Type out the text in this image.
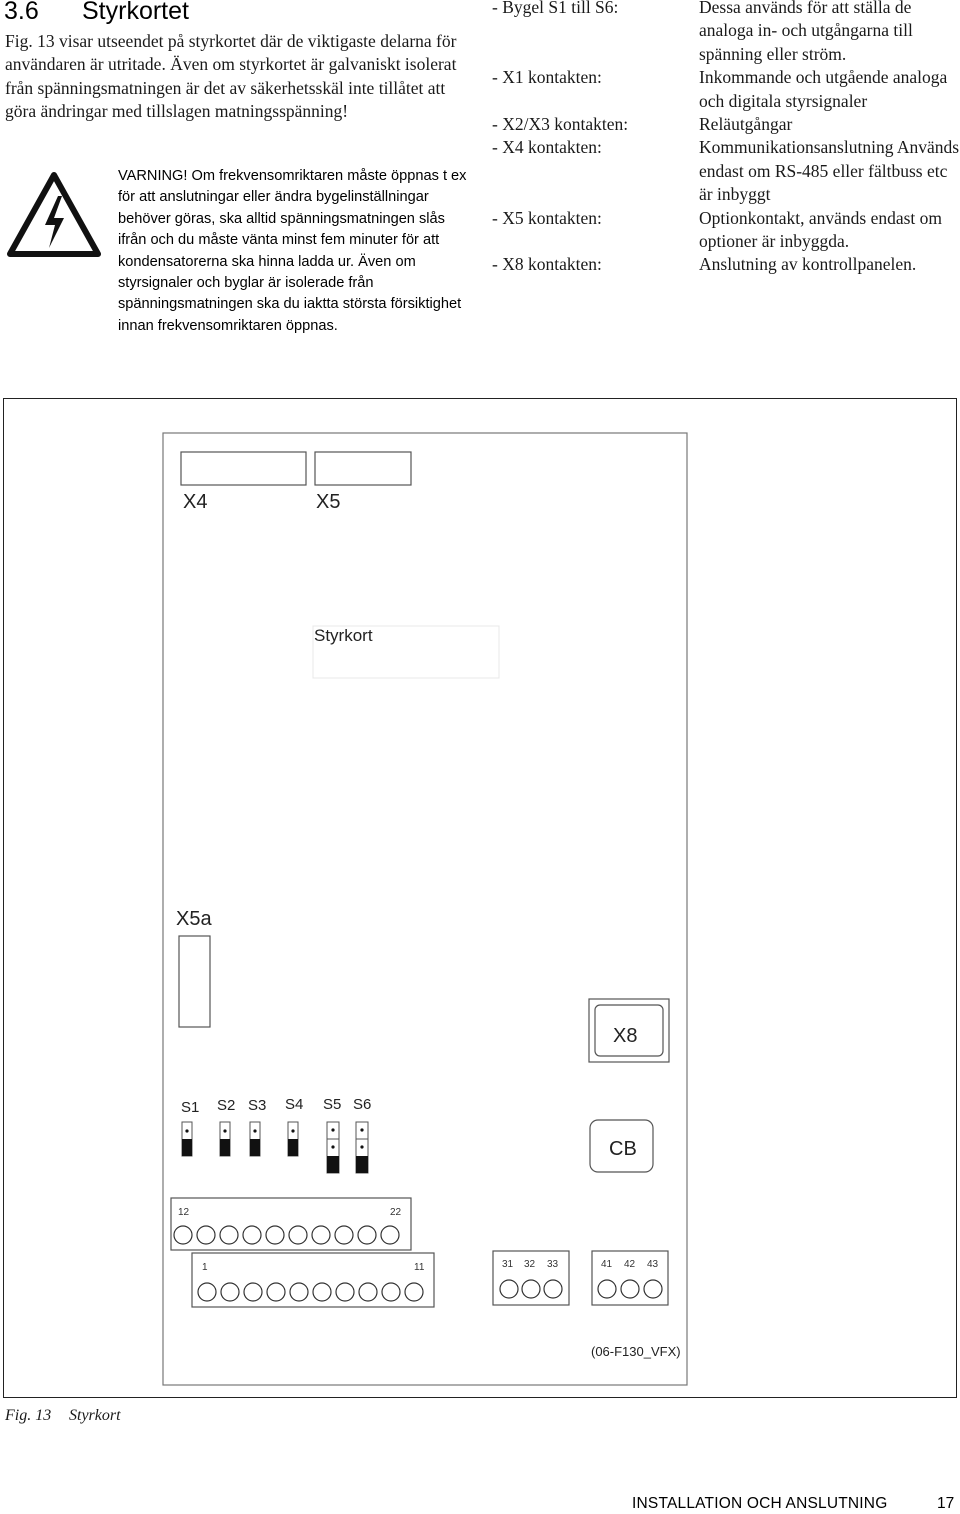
3.6 Styrkortet
Fig. 13 visar utseendet på styrkortet där de viktigaste delarna för användaren är utritade. Även om styrkortet är galvaniskt isolerat från spänningsmatningen är det av säkerhetsskäl inte tillåtet att göra ändringar med tillslagen matningsspänning!
VARNING! Om frekvensomriktaren måste öppnas t ex för att anslutningar eller ändra bygelinställningar behöver göras, ska alltid spänningsmatningen slås ifrån och du måste vänta minst fem minuter för att kondensatorerna ska hinna ladda ur. Även om styrsignaler och byglar är isolerade från spänningsmatningen ska du iaktta största försiktighet innan frekvensomriktaren öppnas.
- Bygel S1 till S6:	Dessa används för att ställa de analoga in- och utgångarna till spänning eller ström.
- X1 kontakten:	Inkommande och utgående analoga och digitala styrsignaler
- X2/X3 kontakten:	Reläutgångar
- X4 kontakten:	Kommunikationsanslutning Används endast om RS-485 eller fältbuss etc är inbyggt
- X5 kontakten:	Optionkontakt, används endast om optioner är inbyggda.
- X8 kontakten:	Anslutning av kontrollpanelen.
X4	X5
Styrkort
X5a
X8
CB
S1 S2 S3 S4 S5 S6
12	22
1	11	31 32 33	41 42 43
(06-F130_VFX)
Fig. 13 Styrkort
INSTALLATION OCH ANSLUTNING	17
